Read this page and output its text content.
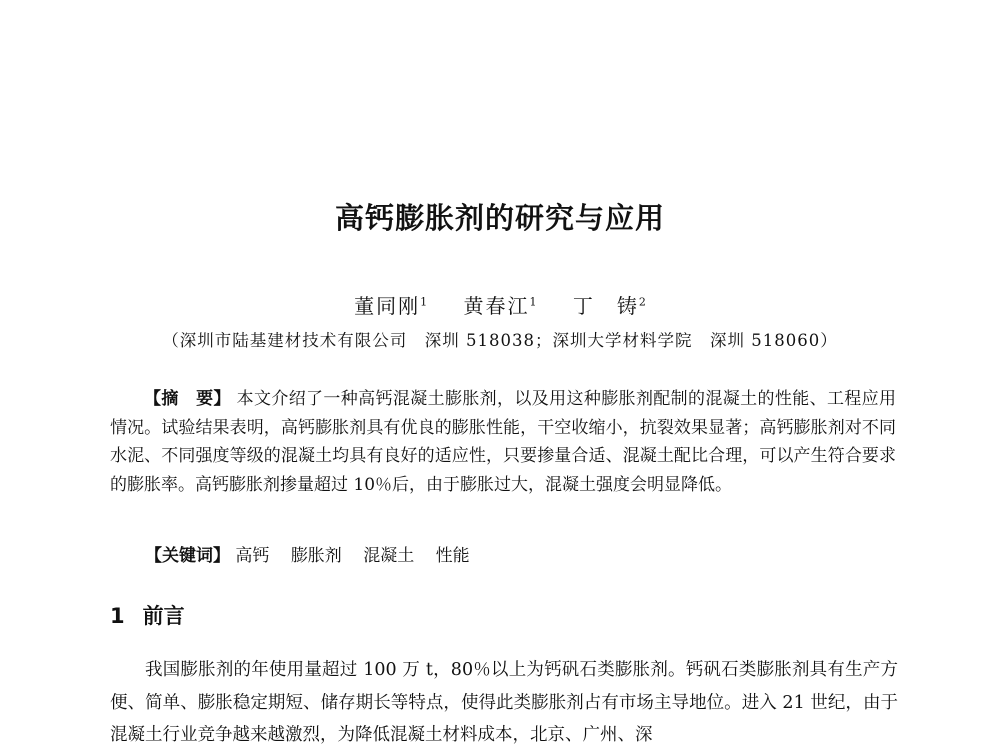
高钙膨胀剂的研究与应用
董同刚$^1$ 黄春江$^1$ 丁　铸$^2$
（深圳市陆基建材技术有限公司　深圳 518038；深圳大学材料学院　深圳 518060）

【摘　要】 本文介绍了一种高钙混凝土膨胀剂，以及用这种膨胀剂配制的混凝土的性能、工程应用情况。试验结果表明，高钙膨胀剂具有优良的膨胀性能，干空收缩小，抗裂效果显著；高钙膨胀剂对不同水泥、不同强度等级的混凝土均具有良好的适应性，只要掺量合适、混凝土配比合理，可以产生符合要求的膨胀率。高钙膨胀剂掺量超过 10％后，由于膨胀过大，混凝土强度会明显降低。

【关键词】 高钙 膨胀剂 混凝土 性能
1 前言

我国膨胀剂的年使用量超过 100 万 t，80％以上为钙矾石类膨胀剂。钙矾石类膨胀剂具有生产方便、简单、膨胀稳定期短、储存期长等特点，使得此类膨胀剂占有市场主导地位。进入 21 世纪，由于混凝土行业竞争越来越激烈，为降低混凝土材料成本，北京、广州、深
